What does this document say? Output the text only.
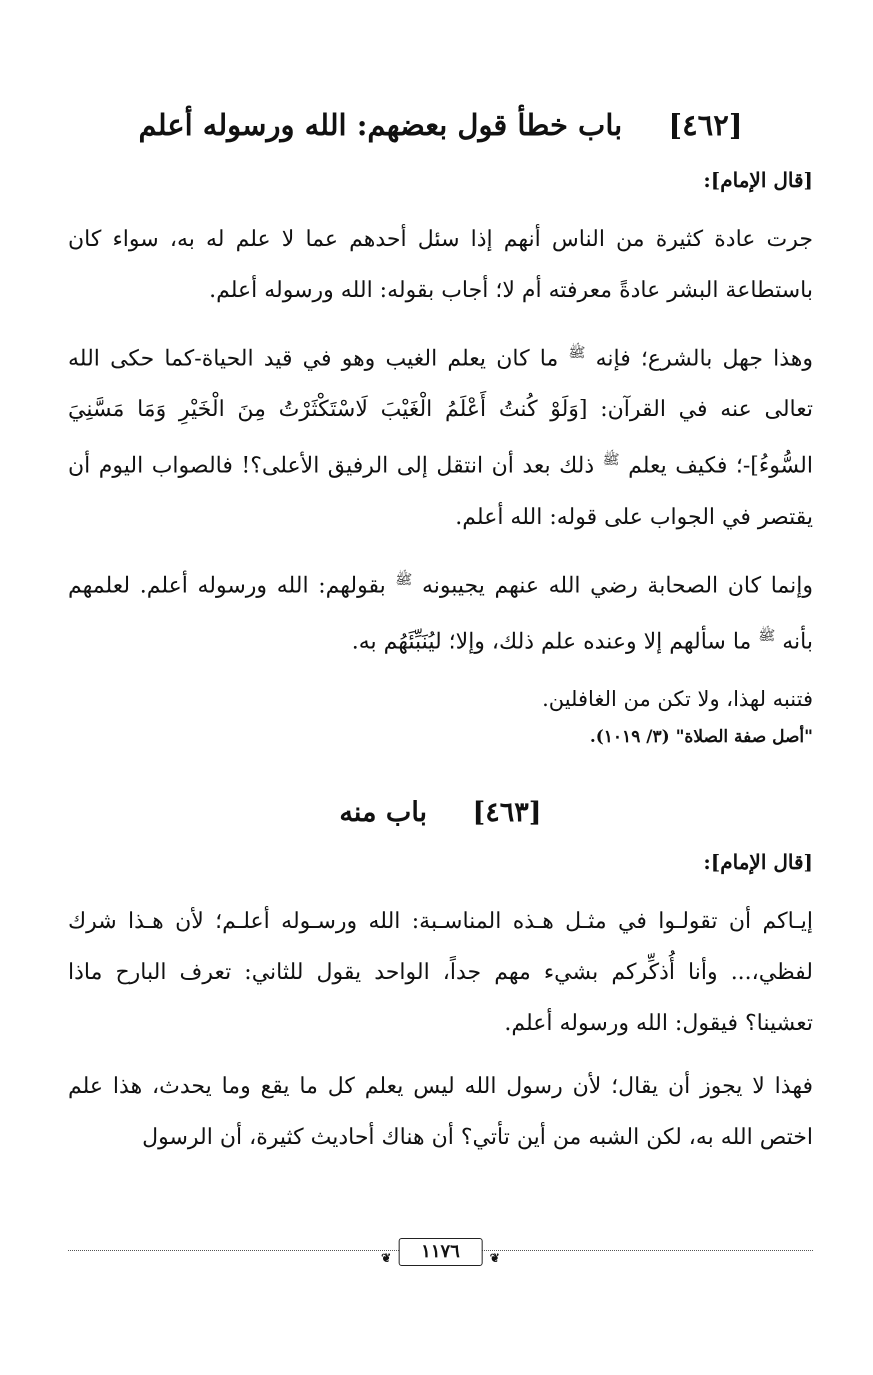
[٤٦٢] باب خطأ قول بعضهم: الله ورسوله أعلم
[قال الإمام]:

جرت عادة كثيرة من الناس أنهم إذا سئل أحدهم عما لا علم له به، سواء كان باستطاعة البشر عادةً معرفته أم لا؛ أجاب بقوله: الله ورسوله أعلم.

وهذا جهل بالشرع؛ فإنه $^ﷺ$ ما كان يعلم الغيب وهو في قيد الحياة-كما حكى الله تعالى عنه في القرآن: [وَلَوْ كُنتُ أَعْلَمُ الْغَيْبَ لَاسْتَكْثَرْتُ مِنَ الْخَيْرِ وَمَا مَسَّنِيَ السُّوءُ]-؛ فكيف يعلم $^ﷺ$ ذلك بعد أن انتقل إلى الرفيق الأعلى؟! فالصواب اليوم أن يقتصر في الجواب على قوله: الله أعلم.

وإنما كان الصحابة رضي الله عنهم يجيبونه $^ﷺ$ بقولهم: الله ورسوله أعلم. لعلمهم بأنه $^ﷺ$ ما سألهم إلا وعنده علم ذلك، وإلا؛ ليُنَبِّئَهُم به.

فتنبه لهذا، ولا تكن من الغافلين.

"أصل صفة الصلاة" (٣/ ١٠١٩).

[٤٦٣] باب منه
[قال الإمام]:

إيـاكم أن تقولـوا في مثـل هـذه المناسـبة: الله ورسـوله أعلـم؛ لأن هـذا شرك لفظي،... وأنا أُذكِّركم بشيء مهم جداً، الواحد يقول للثاني: تعرف البارح ماذا تعشينا؟ فيقول: الله ورسوله أعلم.

فهذا لا يجوز أن يقال؛ لأن رسول الله ليس يعلم كل ما يقع وما يحدث، هذا علم اختص الله به، لكن الشبه من أين تأتي؟ أن هناك أحاديث كثيرة، أن الرسول

❦
١١٧٦
❦
